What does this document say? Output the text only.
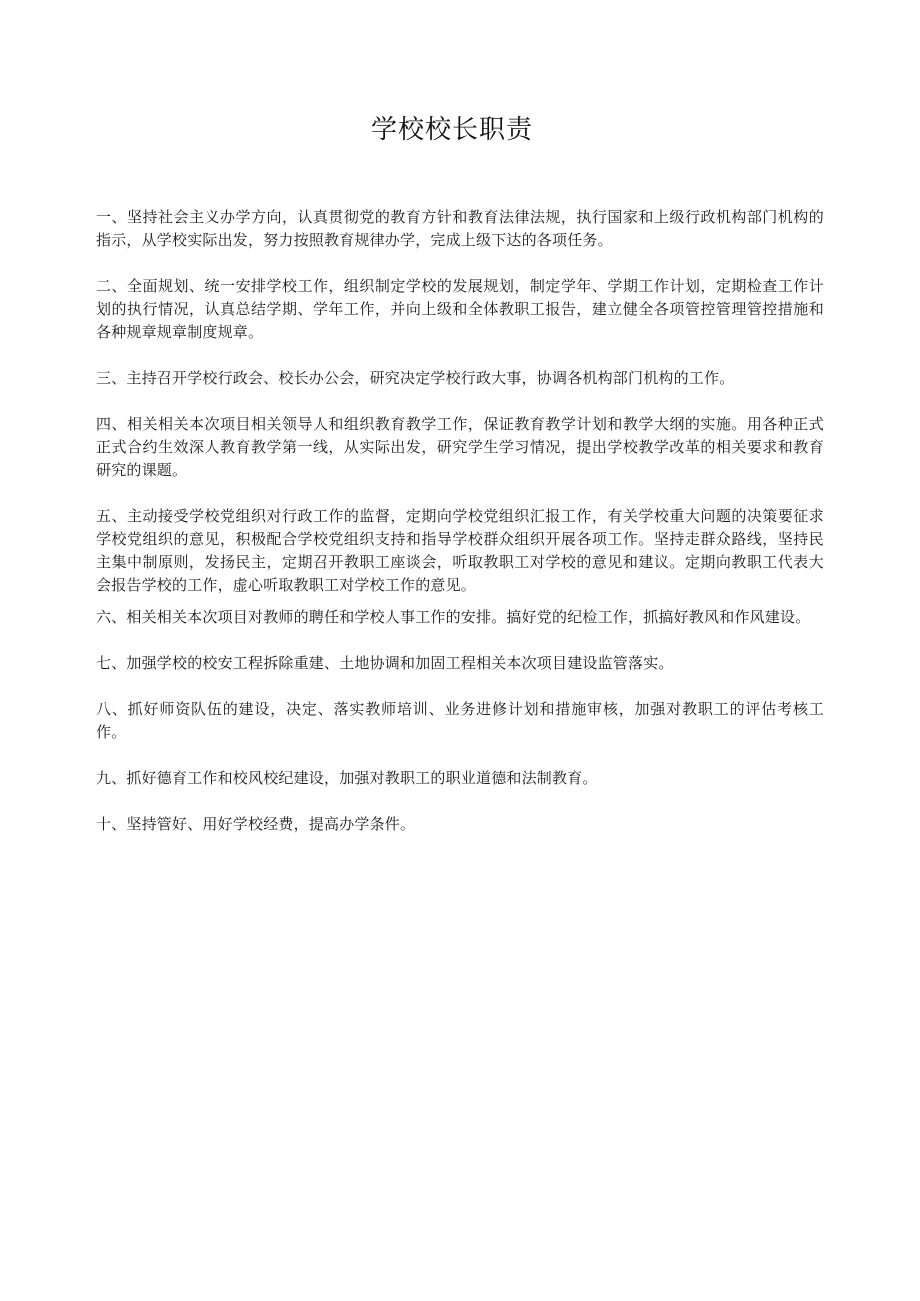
学校校长职责

一、坚持社会主义办学方向，认真贯彻党的教育方针和教育法律法规，执行国家和上级行政机构部门机构的指示，从学校实际出发，努力按照教育规律办学，完成上级下达的各项任务。

二、全面规划、统一安排学校工作，组织制定学校的发展规划，制定学年、学期工作计划，定期检查工作计划的执行情况，认真总结学期、学年工作，并向上级和全体教职工报告，建立健全各项管控管理管控措施和各种规章规章制度规章。

三、主持召开学校行政会、校长办公会，研究决定学校行政大事，协调各机构部门机构的工作。

四、相关相关本次项目相关领导人和组织教育教学工作，保证教育教学计划和教学大纲的实施。用各种正式正式合约生效深人教育教学第一线，从实际出发，研究学生学习情况，提出学校教学改革的相关要求和教育研究的课题。

五、主动接受学校党组织对行政工作的监督，定期向学校党组织汇报工作，有关学校重大问题的决策要征求学校党组织的意见，积极配合学校党组织支持和指导学校群众组织开展各项工作。坚持走群众路线，坚持民主集中制原则，发扬民主，定期召开教职工座谈会，听取教职工对学校的意见和建议。定期向教职工代表大会报告学校的工作，虚心听取教职工对学校工作的意见。

六、相关相关本次项目对教师的聘任和学校人事工作的安排。搞好党的纪检工作，抓搞好教风和作风建设。

七、加强学校的校安工程拆除重建、土地协调和加固工程相关本次项目建设监管落实。

八、抓好师资队伍的建设，决定、落实教师培训、业务进修计划和措施审核，加强对教职工的评估考核工作。

九、抓好德育工作和校风校纪建设，加强对教职工的职业道德和法制教育。

十、坚持管好、用好学校经费，提高办学条件。
